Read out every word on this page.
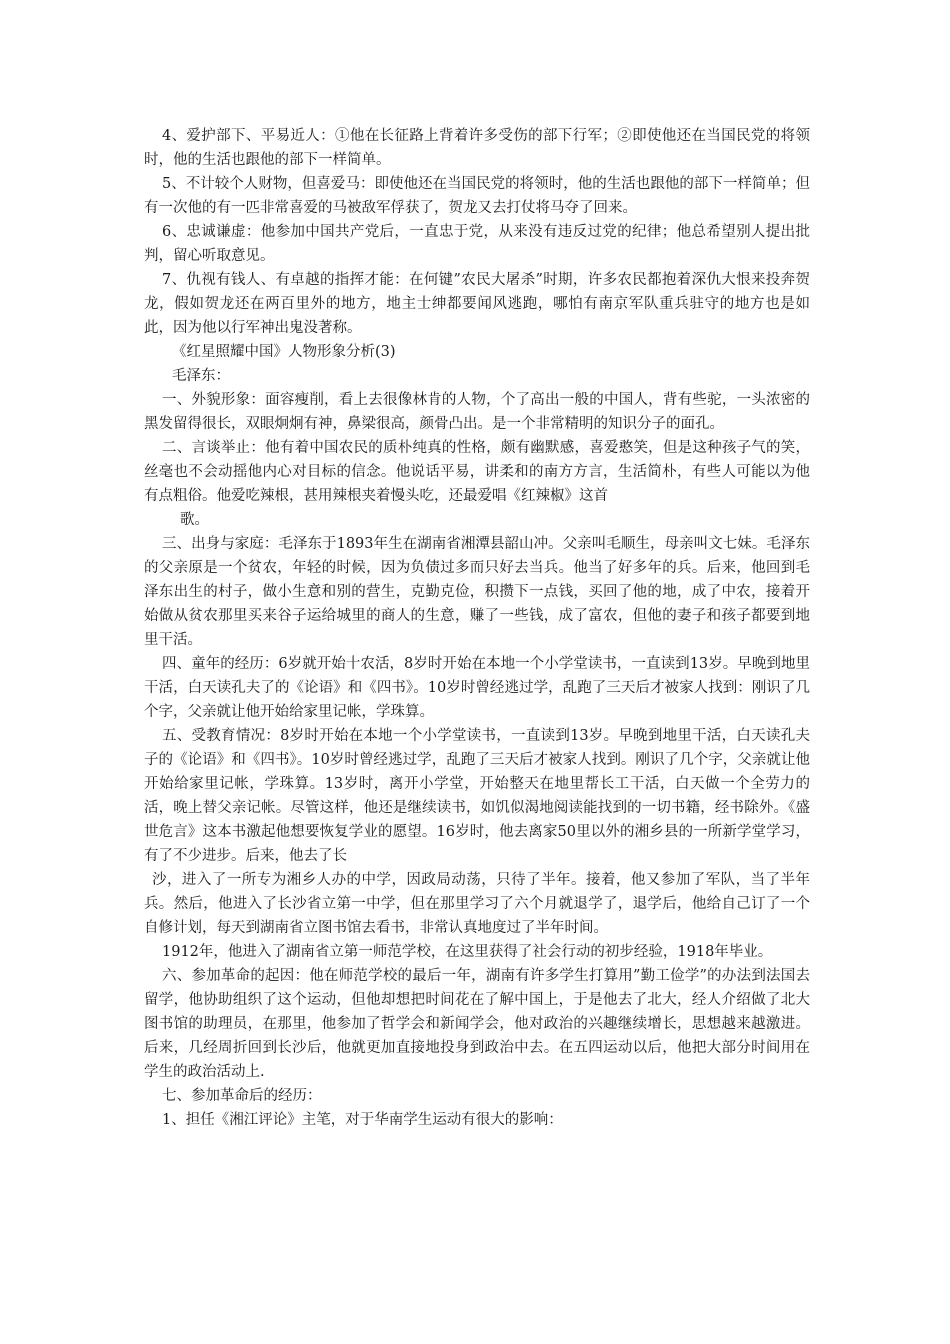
4、爱护部下、平易近人：①他在长征路上背着许多受伤的部下行军；②即使他还在当国民党的将领时，他的生活也跟他的部下一样简单。

5、不计较个人财物，但喜爱马：即使他还在当国民党的将领时，他的生活也跟他的部下一样简单；但有一次他的有一匹非常喜爱的马被敌军俘获了，贺龙又去打仗将马夺了回来。

6、忠诚谦虚：他参加中国共产党后，一直忠于党，从来没有违反过党的纪律；他总希望别人提出批判，留心听取意见。

7、仇视有钱人、有卓越的指挥才能：在何键”农民大屠杀”时期，许多农民都抱着深仇大恨来投奔贺龙，假如贺龙还在两百里外的地方，地主士绅都要闻风逃跑，哪怕有南京军队重兵驻守的地方也是如此，因为他以行军神出鬼没著称。

《红星照耀中国》人物形象分析(3)

毛泽东：

一、外貌形象：面容瘦削，看上去很像林肯的人物，个了高出一般的中国人，背有些驼，一头浓密的黑发留得很长，双眼炯炯有神，鼻梁很高，颜骨凸出。是一个非常精明的知识分子的面孔。

二、言谈举止：他有着中国农民的质朴纯真的性格，颇有幽默感，喜爱憨笑，但是这种孩子气的笑，丝毫也不会动摇他内心对目标的信念。他说话平易，讲柔和的南方方言，生活简朴，有些人可能以为他有点粗俗。他爱吃辣根，甚用辣根夹着慢头吃，还最爱唱《红辣椒》这首

歌。

三、出身与家庭：毛泽东于1893年生在湖南省湘潭县韶山冲。父亲叫毛顺生，母亲叫文七妹。毛泽东的父亲原是一个贫农，年轻的时候，因为负债过多而只好去当兵。他当了好多年的兵。后来，他回到毛泽东出生的村子，做小生意和别的营生，克勤克俭，积攒下一点钱，买回了他的地，成了中农，接着开始做从贫农那里买来谷子运给城里的商人的生意，赚了一些钱，成了富农，但他的妻子和孩子都要到地里干活。

四、童年的经历：6岁就开始十农活，8岁时开始在本地一个小学堂读书，一直读到13岁。早晚到地里干活，白天读孔夫了的《论语》和《四书》。10岁时曾经逃过学，乱跑了三天后才被家人找到：刚识了几个字，父亲就让他开始给家里记帐，学珠算。

五、受教育情况：8岁时开始在本地一个小学堂读书，一直读到13岁。早晚到地里干活，白天读孔夫子的《论语》和《四书》。10岁时曾经逃过学，乱跑了三天后才被家人找到。刚识了几个字，父亲就让他开始给家里记帐，学珠算。13岁时，离开小学堂，开始整天在地里帮长工干活，白天做一个全劳力的活，晚上替父亲记帐。尽管这样，他还是继续读书，如饥似渴地阅读能找到的一切书籍，经书除外。《盛世危言》这本书激起他想要恢复学业的愿望。16岁时，他去离家50里以外的湘乡县的一所新学堂学习，有了不少进步。后来，他去了长

沙，进入了一所专为湘乡人办的中学，因政局动荡，只待了半年。接着，他又参加了军队，当了半年兵。然后，他进入了长沙省立第一中学，但在那里学习了六个月就退学了，退学后，他给自己订了一个自修计划，每天到湖南省立图书馆去看书，非常认真地度过了半年时间。

1912年，他进入了湖南省立第一师范学校，在这里获得了社会行动的初步经验，1918年毕业。

六、参加革命的起因：他在师范学校的最后一年，湖南有许多学生打算用”勤工俭学”的办法到法国去留学，他协助组织了这个运动，但他却想把时间花在了解中国上，于是他去了北大，经人介绍做了北大图书馆的助理员，在那里，他参加了哲学会和新闻学会，他对政治的兴趣继续增长，思想越来越激进。后来，几经周折回到长沙后，他就更加直接地投身到政治中去。在五四运动以后，他把大部分时间用在学生的政治活动上.

七、参加革命后的经历：

1、担任《湘江评论》主笔，对于华南学生运动有很大的影响：
